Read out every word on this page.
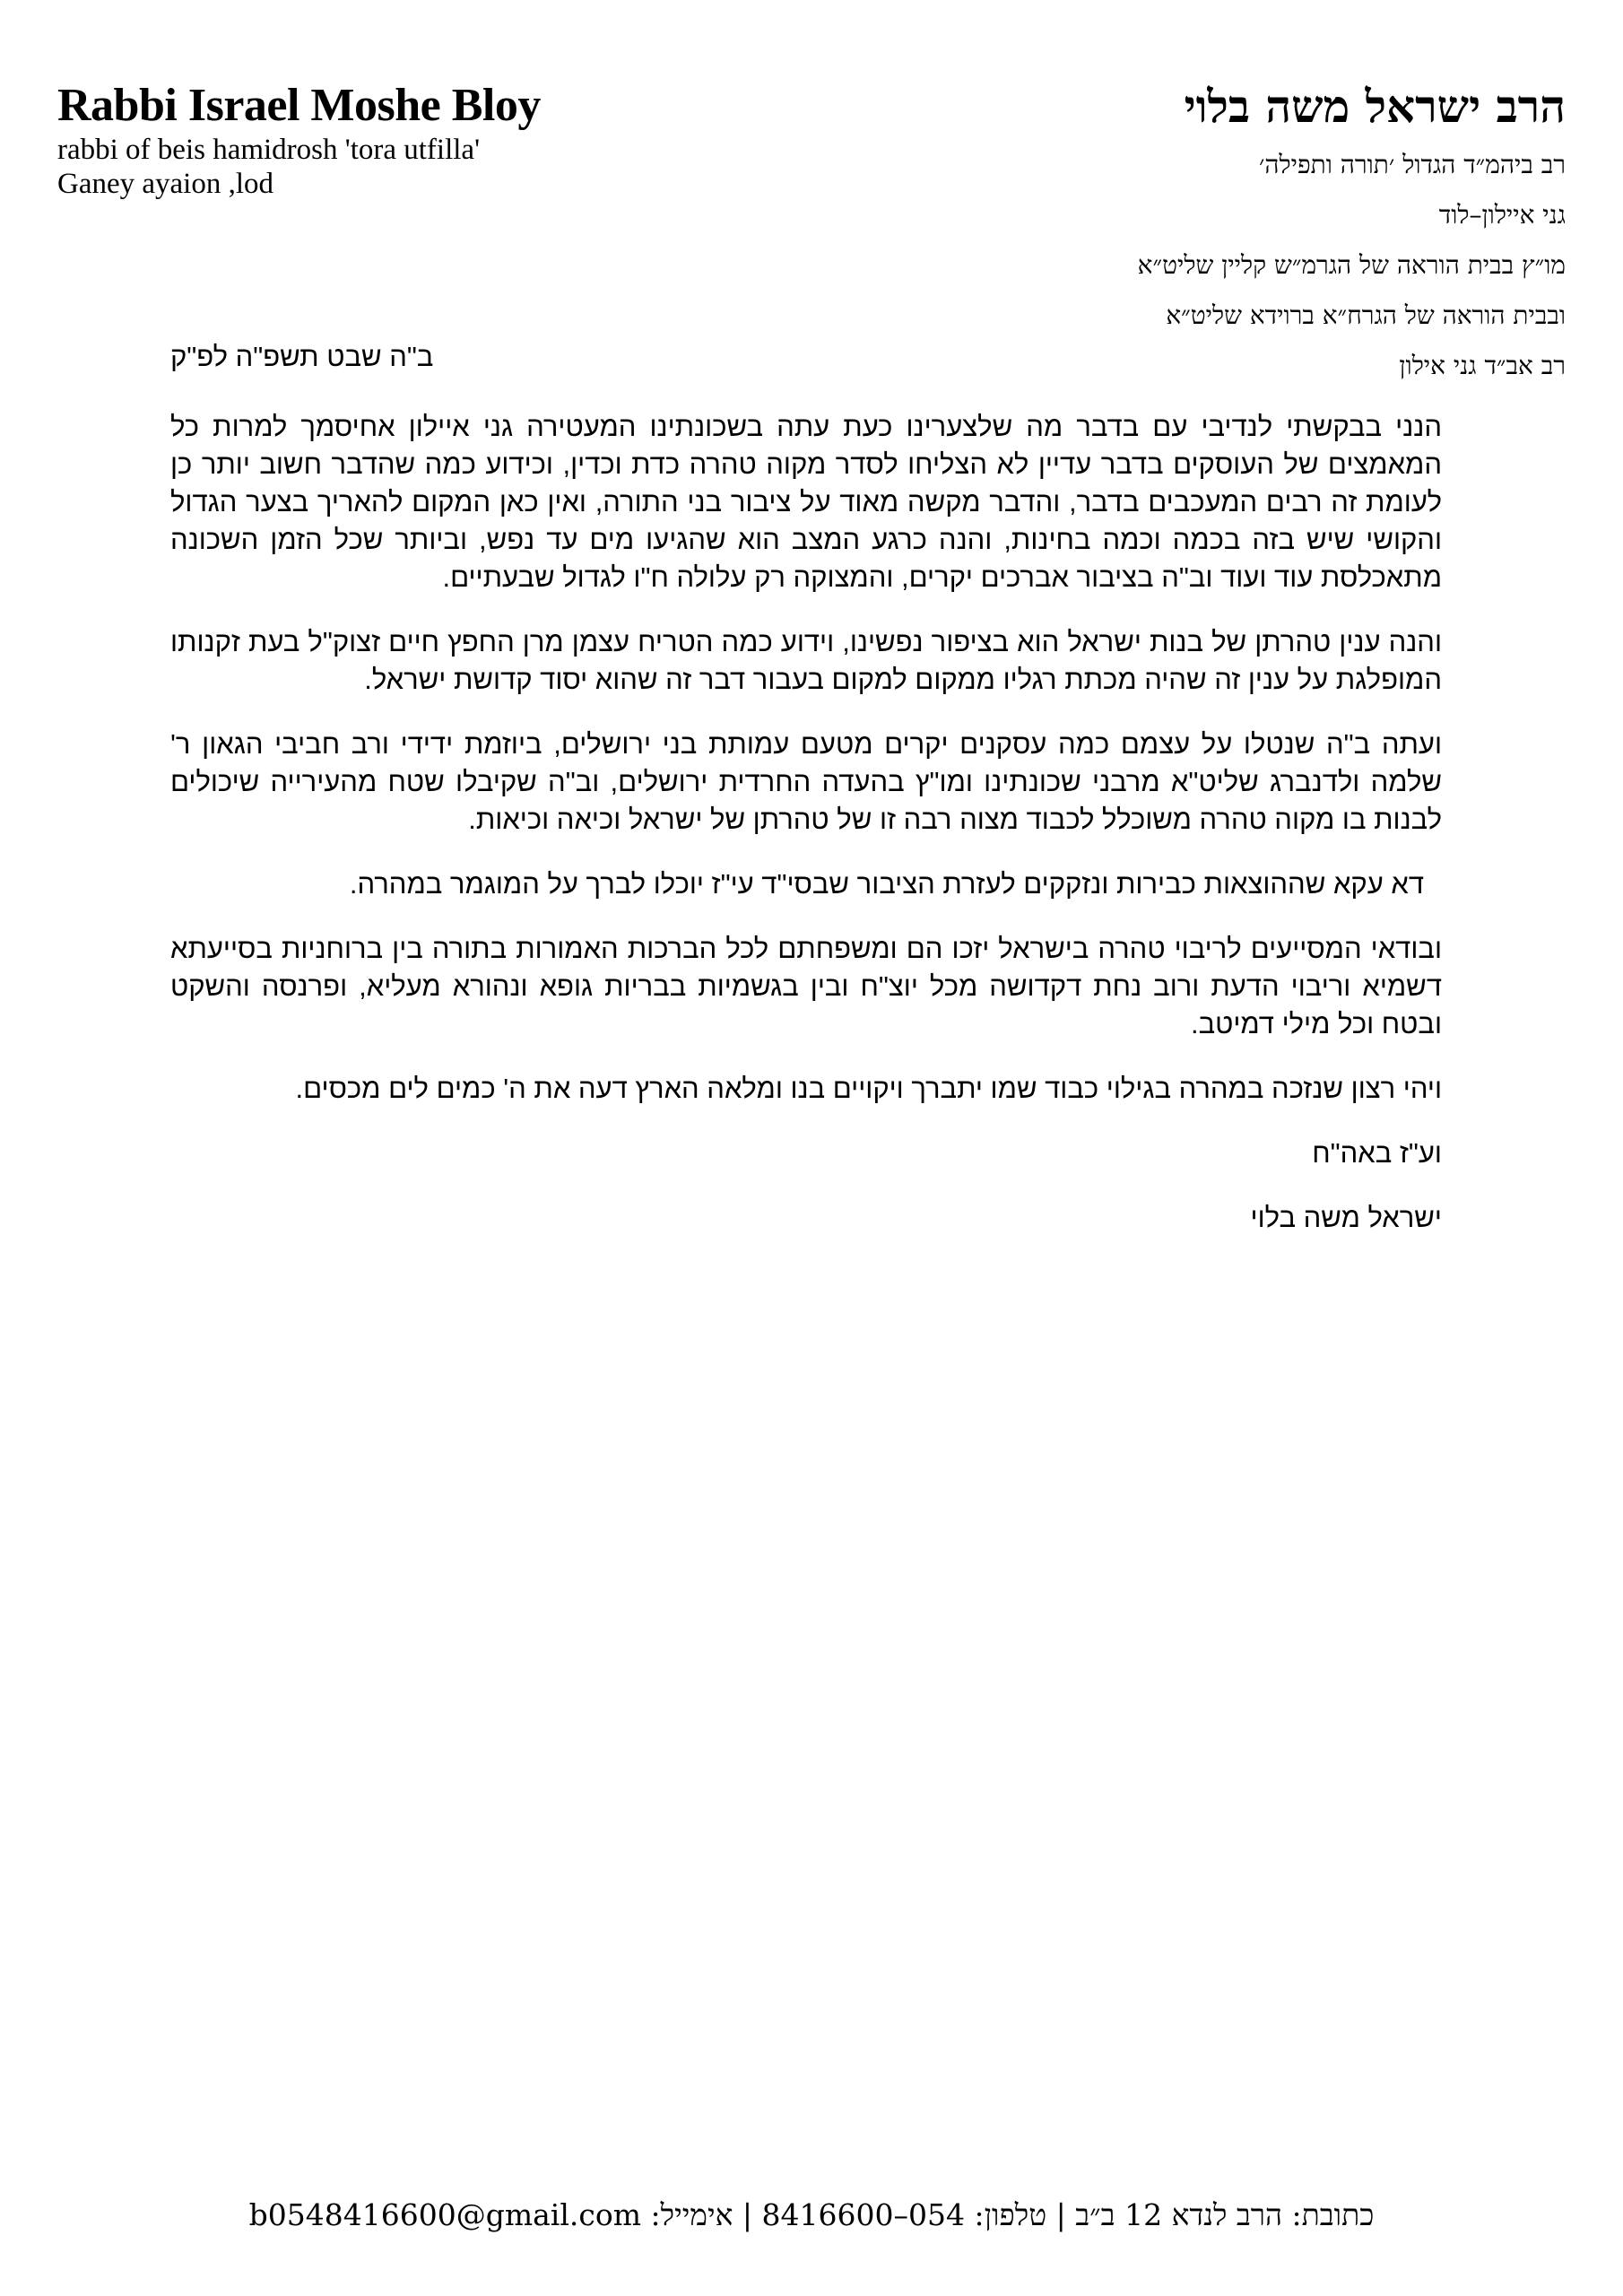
Rabbi Israel Moshe Bloy
rabbi of beis hamidrosh 'tora utfilla'
Ganey ayaion ,lod
הרב ישראל משה בלוי
רב ביהמ״ד הגדול ׳תורה ותפילה׳
גני איילון–לוד
מו״ץ בבית הוראה של הגרמ״ש קליין שליט״א
ובבית הוראה של הגרח״א ברוידא שליט״א
רב אב״ד גני אילון
ב"ה שבט תשפ"ה לפ"ק

הנני בבקשתי לנדיבי עם בדבר מה שלצערינו כעת עתה בשכונתינו המעטירה גני איילון אחיסמך למרות כל המאמצים של העוסקים בדבר עדיין לא הצליחו לסדר מקוה טהרה כדת וכדין, וכידוע כמה שהדבר חשוב יותר כן לעומת זה רבים המעכבים בדבר, והדבר מקשה מאוד על ציבור בני התורה, ואין כאן המקום להאריך בצער הגדול והקושי שיש בזה בכמה וכמה בחינות, והנה כרגע המצב הוא שהגיעו מים עד נפש, וביותר שכל הזמן השכונה מתאכלסת עוד ועוד וב"ה בציבור אברכים יקרים, והמצוקה רק עלולה ח"ו לגדול שבעתיים.

והנה ענין טהרתן של בנות ישראל הוא בציפור נפשינו, וידוע כמה הטריח עצמן מרן החפץ חיים זצוק"ל בעת זקנותו המופלגת על ענין זה שהיה מכתת רגליו ממקום למקום בעבור דבר זה שהוא יסוד קדושת ישראל.

ועתה ב"ה שנטלו על עצמם כמה עסקנים יקרים מטעם עמותת בני ירושלים, ביוזמת ידידי ורב חביבי הגאון ר' שלמה ולדנברג שליט"א מרבני שכונתינו ומו"ץ בהעדה החרדית ירושלים, וב"ה שקיבלו שטח מהעירייה שיכולים לבנות בו מקוה טהרה משוכלל לכבוד מצוה רבה זו של טהרתן של ישראל וכיאה וכיאות.

דא עקא שההוצאות כבירות ונזקקים לעזרת הציבור שבסי"ד עי"ז יוכלו לברך על המוגמר במהרה.

ובודאי המסייעים לריבוי טהרה בישראל יזכו הם ומשפחתם לכל הברכות האמורות בתורה בין ברוחניות בסייעתא דשמיא וריבוי הדעת ורוב נחת דקדושה מכל יוצ"ח ובין בגשמיות בבריות גופא ונהורא מעליא, ופרנסה והשקט ובטח וכל מילי דמיטב.

ויהי רצון שנזכה במהרה בגילוי כבוד שמו יתברך ויקויים בנו ומלאה הארץ דעה את ה' כמים לים מכסים.

וע"ז באה"ח

ישראל משה בלוי

כתובת: הרב לנדא 12 ב״ב | טלפון: 054–8416600 | אימייל: b0548416600@gmail.com
